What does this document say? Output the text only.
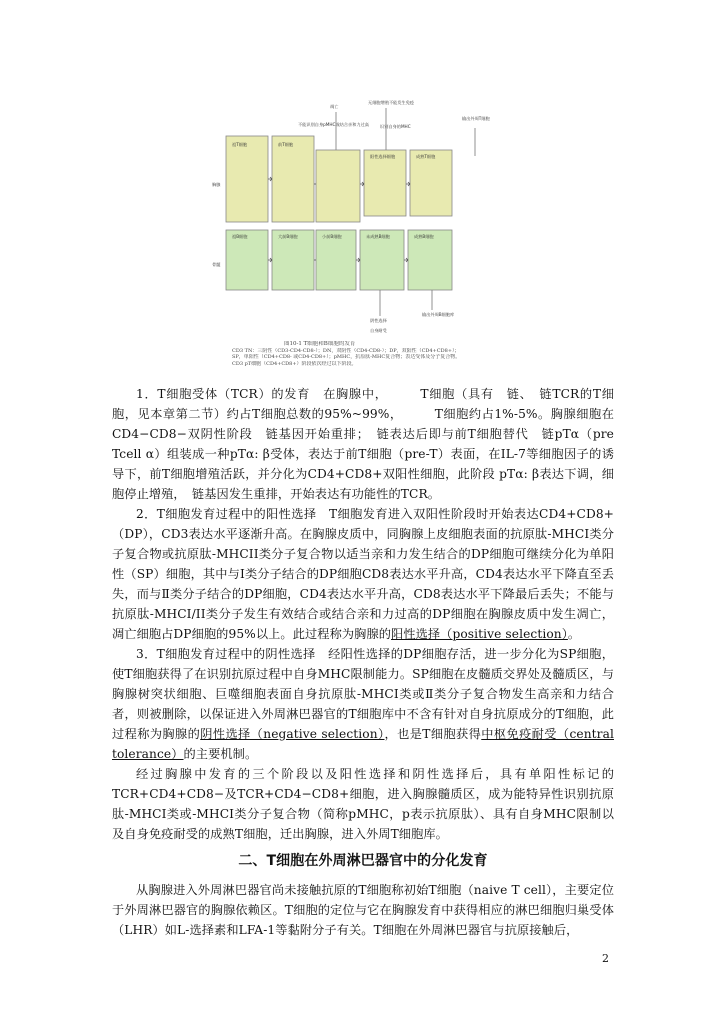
凋亡
不能识别自身pMHC或结合亲和力过高
无细胞增殖不能发生免疫
识别自身的MHC
输出外周T细胞
胸腺
骨髓
祖T细胞	前T细胞
阳性选择细胞	成熟T细胞
祖B细胞	大前B细胞	小前B细胞	未成熟B细胞	成熟B细胞
阴性选择
自身耐受
输出外周B细胞库
图10-1 T细胞和B细胞的发育
CD3 TN：三阴性（CD3-CD4-CD8-）；DN，双阴性（CD4-CD8-）；DP，双阳性（CD4+CD8+）；
SP，单阳性（CD4+CD8- 或CD4-CD8+）；pMHC，抗原肽-MHC复合物；表达受体及分子复合物。
CD3 pT细胞（CD4+CD8+）阶段依次经过以下阶段。

1．T细胞受体（TCR）的发育　在胸腺中，　　　T细胞（具有　链、　链TCR的T细胞，见本章第二节）约占T细胞总数的95%~99%，　　　T细胞约占1%-5%。胸腺细胞在CD4−CD8−双阴性阶段　链基因开始重排；　链表达后即与前T细胞替代　链pTα（pre Tcell α）组装成一种pTα: β受体，表达于前T细胞（pre-T）表面，在IL-7等细胞因子的诱导下，前T细胞增殖活跃，并分化为CD4+CD8+双阳性细胞，此阶段 pTα: β表达下调，细胞停止增殖，　链基因发生重排，开始表达有功能性的TCR。

2．T细胞发育过程中的阳性选择　T细胞发育进入双阳性阶段时开始表达CD4+CD8+（DP），CD3表达水平逐渐升高。在胸腺皮质中，同胸腺上皮细胞表面的抗原肽-MHCI类分子复合物或抗原肽-MHCII类分子复合物以适当亲和力发生结合的DP细胞可继续分化为单阳性（SP）细胞，其中与Ⅰ类分子结合的DP细胞CD8表达水平升高，CD4表达水平下降直至丢失，而与Ⅱ类分子结合的DP细胞，CD4表达水平升高，CD8表达水平下降最后丢失；不能与抗原肽-MHCI/II类分子发生有效结合或结合亲和力过高的DP细胞在胸腺皮质中发生凋亡，凋亡细胞占DP细胞的95%以上。此过程称为胸腺的阳性选择（positive selection）。

3．T细胞发育过程中的阴性选择　经阳性选择的DP细胞存活，进一步分化为SP细胞，使T细胞获得了在识别抗原过程中自身MHC限制能力。SP细胞在皮髓质交界处及髓质区，与胸腺树突状细胞、巨噬细胞表面自身抗原肽-MHCI类或Ⅱ类分子复合物发生高亲和力结合者，则被删除，以保证进入外周淋巴器官的T细胞库中不含有针对自身抗原成分的T细胞，此过程称为胸腺的阴性选择（negative selection），也是T细胞获得中枢免疫耐受（central tolerance）的主要机制。

经过胸腺中发育的三个阶段以及阳性选择和阴性选择后，具有单阳性标记的TCR+CD4+CD8−及TCR+CD4−CD8+细胞，进入胸腺髓质区，成为能特异性识别抗原肽-MHCI类或-MHCI类分子复合物（简称pMHC，p表示抗原肽）、具有自身MHC限制以及自身免疫耐受的成熟T细胞，迁出胸腺，进入外周T细胞库。

二、T细胞在外周淋巴器官中的分化发育

从胸腺进入外周淋巴器官尚未接触抗原的T细胞称初始T细胞（naive T cell），主要定位于外周淋巴器官的胸腺依赖区。T细胞的定位与它在胸腺发育中获得相应的淋巴细胞归巢受体（LHR）如L-选择素和LFA-1等黏附分子有关。T细胞在外周淋巴器官与抗原接触后，

2
